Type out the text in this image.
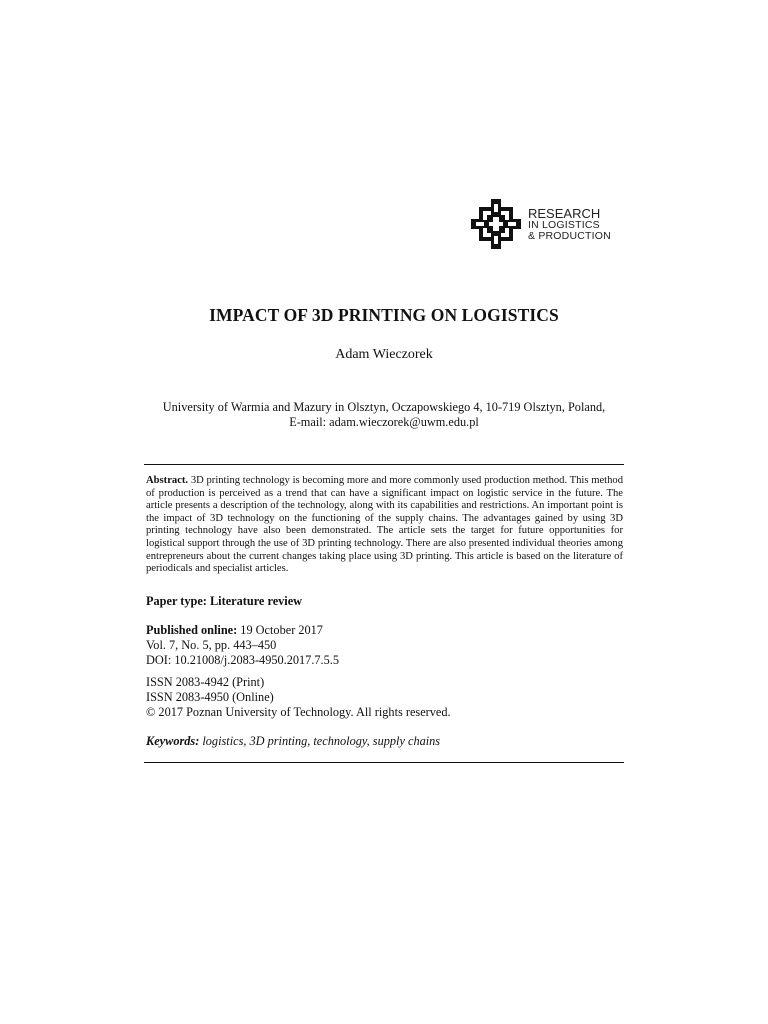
RESEARCH
IN LOGISTICS
& PRODUCTION
IMPACT OF 3D PRINTING ON LOGISTICS
Adam Wieczorek
University of Warmia and Mazury in Olsztyn, Oczapowskiego 4, 10-719 Olsztyn, Poland,
E-mail: adam.wieczorek@uwm.edu.pl
Abstract. 3D printing technology is becoming more and more commonly used production method. This method of production is perceived as a trend that can have a significant impact on logistic service in the future. The article presents a description of the technology, along with its capabilities and restrictions. An important point is the impact of 3D technology on the functioning of the supply chains. The advantages gained by using 3D printing technology have also been demonstrated. The article sets the target for future opportunities for logistical support through the use of 3D printing technology. There are also presented individual theories among entrepreneurs about the current changes taking place using 3D printing. This article is based on the literature of periodicals and specialist articles.
Paper type: Literature review
Published online: 19 October 2017
Vol. 7, No. 5, pp. 443–450
DOI: 10.21008/j.2083-4950.2017.7.5.5
ISSN 2083-4942 (Print)
ISSN 2083-4950 (Online)
© 2017 Poznan University of Technology. All rights reserved.
Keywords: logistics, 3D printing, technology, supply chains
